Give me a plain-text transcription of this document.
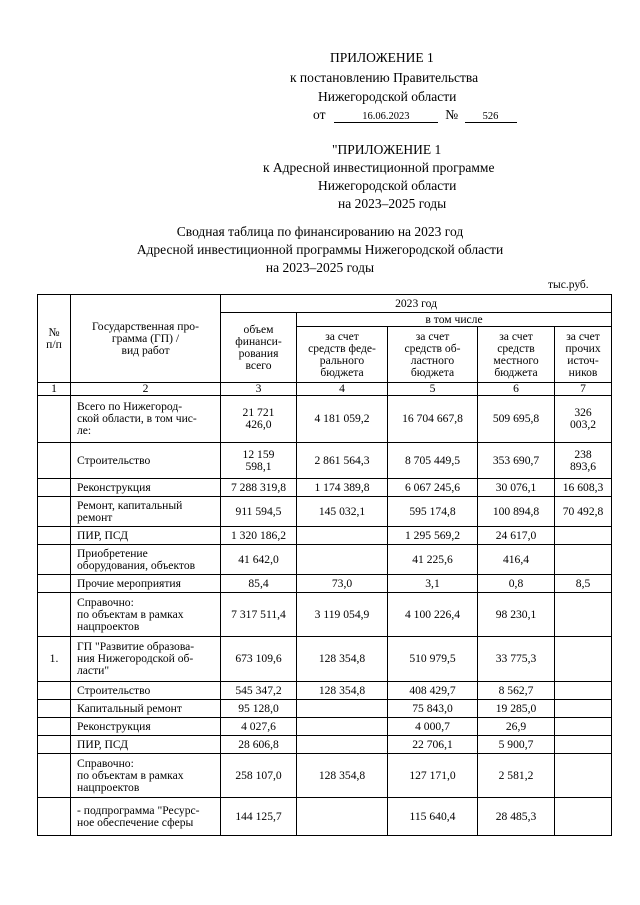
ПРИЛОЖЕНИЕ 1
к постановлению Правительства
Нижегородской области
от	16.06.2023	№ 526
"ПРИЛОЖЕНИЕ 1
к Адресной инвестиционной программе
Нижегородской области
на 2023–2025 годы
Сводная таблица по финансированию на 2023 год
Адресной инвестиционной программы Нижегородской области
на 2023–2025 годы
тыс.руб.
№
п/п	Государственная про-
грамма (ГП) /
вид работ	2023 год				
		объем
финанси-
рования
всего	в том числе			
			за счет
средств феде-
рального
бюджета	за счет
средств об-
ластного
бюджета	за счет
средств
местного
бюджета	за счет
прочих
источ-
ников
1	2	3	4	5	6	7
	Всего по Нижегород-
ской области, в том чис-
ле:	21 721
426,0	4 181 059,2	16 704 667,8	509 695,8	326
003,2
	Строительство	12 159
598,1	2 861 564,3	8 705 449,5	353 690,7	238
893,6
	Реконструкция	7 288 319,8	1 174 389,8	6 067 245,6	30 076,1	16 608,3
	Ремонт, капитальный
ремонт	911 594,5	145 032,1	595 174,8	100 894,8	70 492,8
	ПИР, ПСД	1 320 186,2		1 295 569,2	24 617,0	
	Приобретение
оборудования, объектов	41 642,0		41 225,6	416,4	
	Прочие мероприятия	85,4	73,0	3,1	0,8	8,5
	Справочно:
по объектам в рамках
нацпроектов	7 317 511,4	3 119 054,9	4 100 226,4	98 230,1	
1.	ГП "Развитие образова-
ния Нижегородской об-
ласти"	673 109,6	128 354,8	510 979,5	33 775,3	
	Строительство	545 347,2	128 354,8	408 429,7	8 562,7	
	Капитальный ремонт	95 128,0		75 843,0	19 285,0	
	Реконструкция	4 027,6		4 000,7	26,9	
	ПИР, ПСД	28 606,8		22 706,1	5 900,7	
	Справочно:
по объектам в рамках
нацпроектов	258 107,0	128 354,8	127 171,0	2 581,2	
	- подпрограмма "Ресурс-
ное обеспечение сферы	144 125,7		115 640,4	28 485,3	
